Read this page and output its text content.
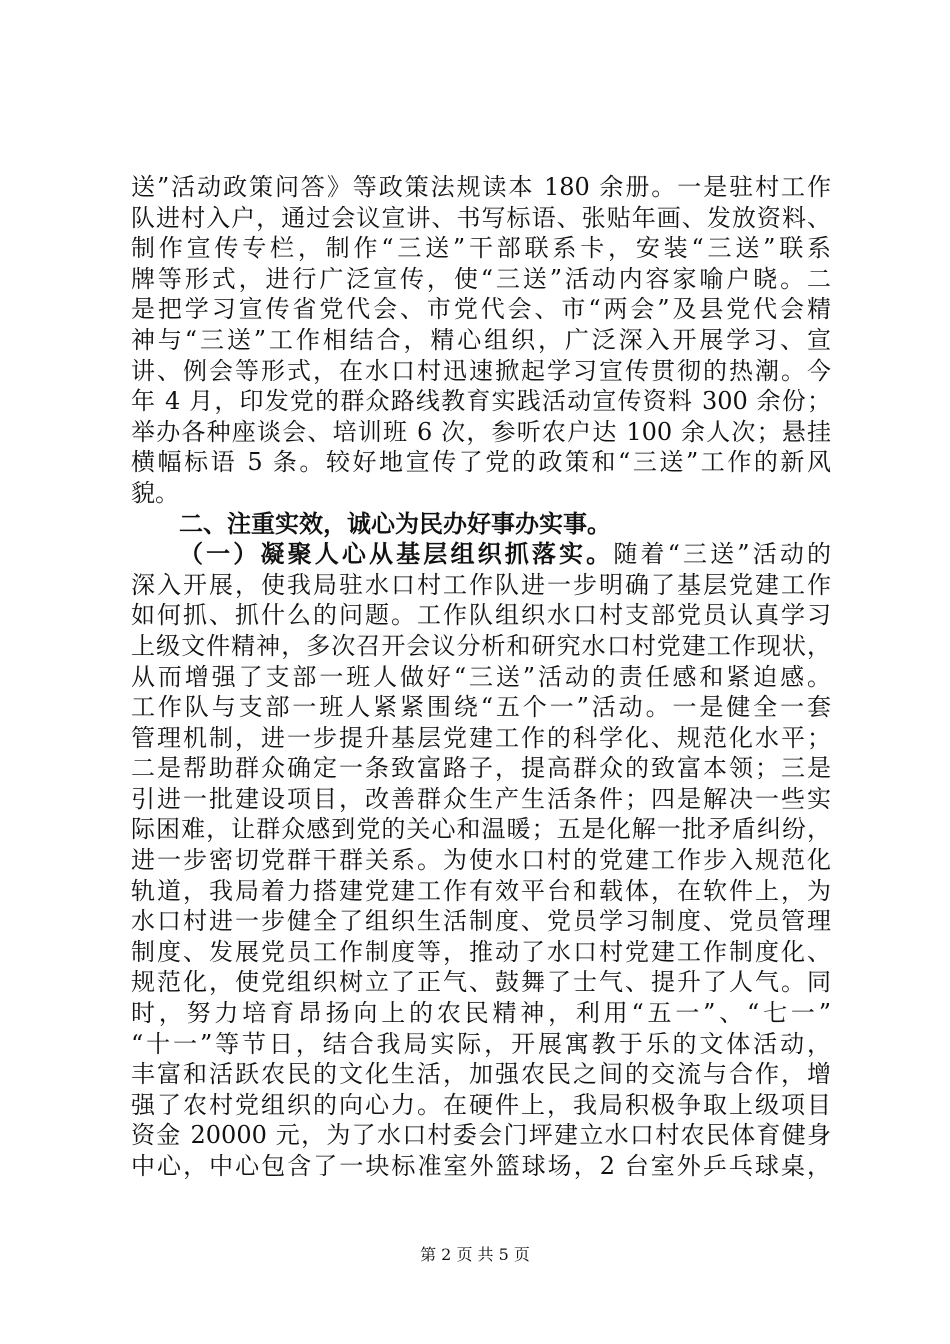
送”活动政策问答》等政策法规读本 180 余册。一是驻村工作
队进村入户，通过会议宣讲、书写标语、张贴年画、发放资料、
制作宣传专栏，制作“三送”干部联系卡，安装“三送”联系
牌等形式，进行广泛宣传，使“三送”活动内容家喻户晓。二
是把学习宣传省党代会、市党代会、市“两会”及县党代会精
神与“三送”工作相结合，精心组织，广泛深入开展学习、宣
讲、例会等形式，在水口村迅速掀起学习宣传贯彻的热潮。今
年 4 月，印发党的群众路线教育实践活动宣传资料 300 余份；
举办各种座谈会、培训班 6 次，参听农户达 100 余人次；悬挂
横幅标语 5 条。较好地宣传了党的政策和“三送”工作的新风
貌。
二、注重实效，诚心为民办好事办实事。
（一）凝聚人心从基层组织抓落实。随着“三送”活动的
深入开展，使我局驻水口村工作队进一步明确了基层党建工作
如何抓、抓什么的问题。工作队组织水口村支部党员认真学习
上级文件精神，多次召开会议分析和研究水口村党建工作现状，
从而增强了支部一班人做好“三送”活动的责任感和紧迫感。
工作队与支部一班人紧紧围绕“五个一”活动。一是健全一套
管理机制，进一步提升基层党建工作的科学化、规范化水平；
二是帮助群众确定一条致富路子，提高群众的致富本领；三是
引进一批建设项目，改善群众生产生活条件；四是解决一些实
际困难，让群众感到党的关心和温暖；五是化解一批矛盾纠纷，
进一步密切党群干群关系。为使水口村的党建工作步入规范化
轨道，我局着力搭建党建工作有效平台和载体，在软件上，为
水口村进一步健全了组织生活制度、党员学习制度、党员管理
制度、发展党员工作制度等，推动了水口村党建工作制度化、
规范化，使党组织树立了正气、鼓舞了士气、提升了人气。同
时，努力培育昂扬向上的农民精神，利用“五一”、“七一”
“十一”等节日，结合我局实际，开展寓教于乐的文体活动，
丰富和活跃农民的文化生活，加强农民之间的交流与合作，增
强了农村党组织的向心力。在硬件上，我局积极争取上级项目
资金 20000 元，为了水口村委会门坪建立水口村农民体育健身
中心，中心包含了一块标准室外篮球场，2 台室外乒乓球桌，
第 2 页 共 5 页
